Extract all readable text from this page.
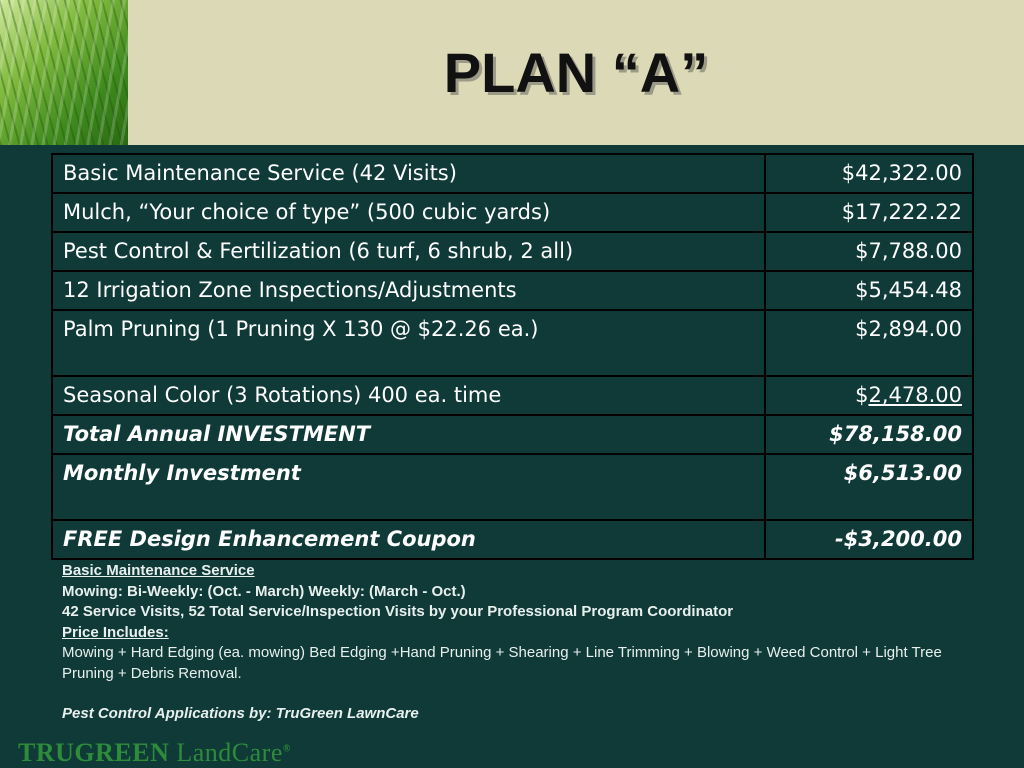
PLAN “A”
Basic Maintenance Service (42 Visits)	$42,322.00
Mulch, “Your choice of type” (500 cubic yards)	$17,222.22
Pest Control & Fertilization (6 turf, 6 shrub, 2 all)	$7,788.00
12 Irrigation Zone Inspections/Adjustments	$5,454.48
Palm Pruning (1 Pruning X 130 @ $22.26 ea.)	$2,894.00
Seasonal Color (3 Rotations) 400 ea. time	$2,478.00
Total Annual INVESTMENT	$78,158.00
Monthly Investment	$6,513.00
FREE Design Enhancement Coupon	-$3,200.00
Basic Maintenance Service
Mowing: Bi-Weekly: (Oct. - March) Weekly: (March - Oct.)
42 Service Visits, 52 Total Service/Inspection Visits by your Professional Program Coordinator
Price Includes:
Mowing + Hard Edging (ea. mowing) Bed Edging +Hand Pruning + Shearing + Line Trimming + Blowing + Weed Control + Light Tree Pruning + Debris Removal.
Pest Control Applications by: TruGreen LawnCare
TRUGREEN LandCare®
